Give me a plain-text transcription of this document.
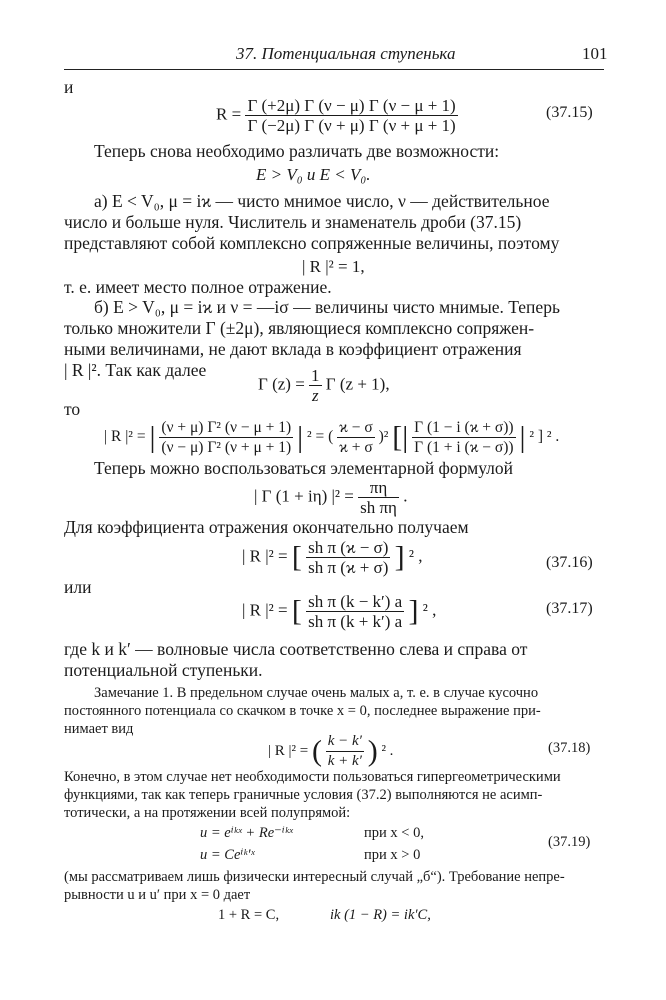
37. Потенциальная ступенька	101
и
$R = \frac{\Gamma (+2\mu) \Gamma (\nu - \mu) \Gamma (\nu - \mu + 1)}{\Gamma (-2\mu) \Gamma (\nu + \mu) \Gamma (\nu + \mu + 1)}$	(37.15)
Теперь снова необходимо различать две возможности:
E > V₀ и E < V₀.
а) E < V₀, μ = iϰ — чисто мнимое число, ν — действительное
число и больше нуля. Числитель и знаменатель дроби (37.15)
представляют собой комплексно сопряженные величины, поэтому
| R |² = 1,
т. е. имеет место полное отражение.
б) E > V₀, μ = iϰ и ν = —iσ — величины чисто мнимые. Теперь
только множители Γ (±2μ), являющиеся комплексно сопряжен-
ными величинами, не дают вклада в коэффициент отражения
| R |². Так как далее
Γ $(z) = \frac{1}{z}$ Γ (z + 1),
то
| R |² = | $\frac{\text{(ν + μ) Γ² (ν − μ + 1)}}{\text{(ν − μ) Γ² (ν + μ + 1)}}$ | ² = ( $\frac{ϰ - \sigma}{ϰ + \sigma} )^2$ [| $\frac{\Gamma (1 - i (ϰ + \sigma))}{\Gamma (1 + i (ϰ - \sigma))}$ | ² ] ² .
Теперь можно воспользоваться элементарной формулой
| Γ (1 + iη) $|^2 = \frac{\pi\eta}{\text{sh πη}}$ .
Для коэффициента отражения окончательно получаем
| R |² = [ $\frac{\text{sh π (ϰ − σ)}}{\text{sh π (ϰ + σ)}}$ ] ² ,	(37.16)
или
| R |² = [ $\frac{\text{sh π (k − k′) a}}{\text{sh π (k + k′) a}}$ ] ² ,	(37.17)
где k и k′ — волновые числа соответственно слева и справа от
потенциальной ступеньки.
Замечание 1. В предельном случае очень малых a, т. е. в случае кусочно
постоянного потенциала со скачком в точке x = 0, последнее выражение при-
нимает вид
| R |² = ( $\frac{k - k'}{k + k'}$ ) ² .	(37.18)
Конечно, в этом случае нет необходимости пользоваться гипергеометрическими
функциями, так как теперь граничные условия (37.2) выполняются не асимп-
тотически, а на протяжении всей полупрямой:
u = eⁱᵏˣ + Re⁻ⁱᵏˣ	при x < 0,
(37.19)
u = Ceⁱᵏ′ˣ	при x > 0
(мы рассматриваем лишь физически интересный случай „б“). Требование непре-
рывности u и u′ при x = 0 дает
1 + R = C,	ik (1 − R) = ik′C,
